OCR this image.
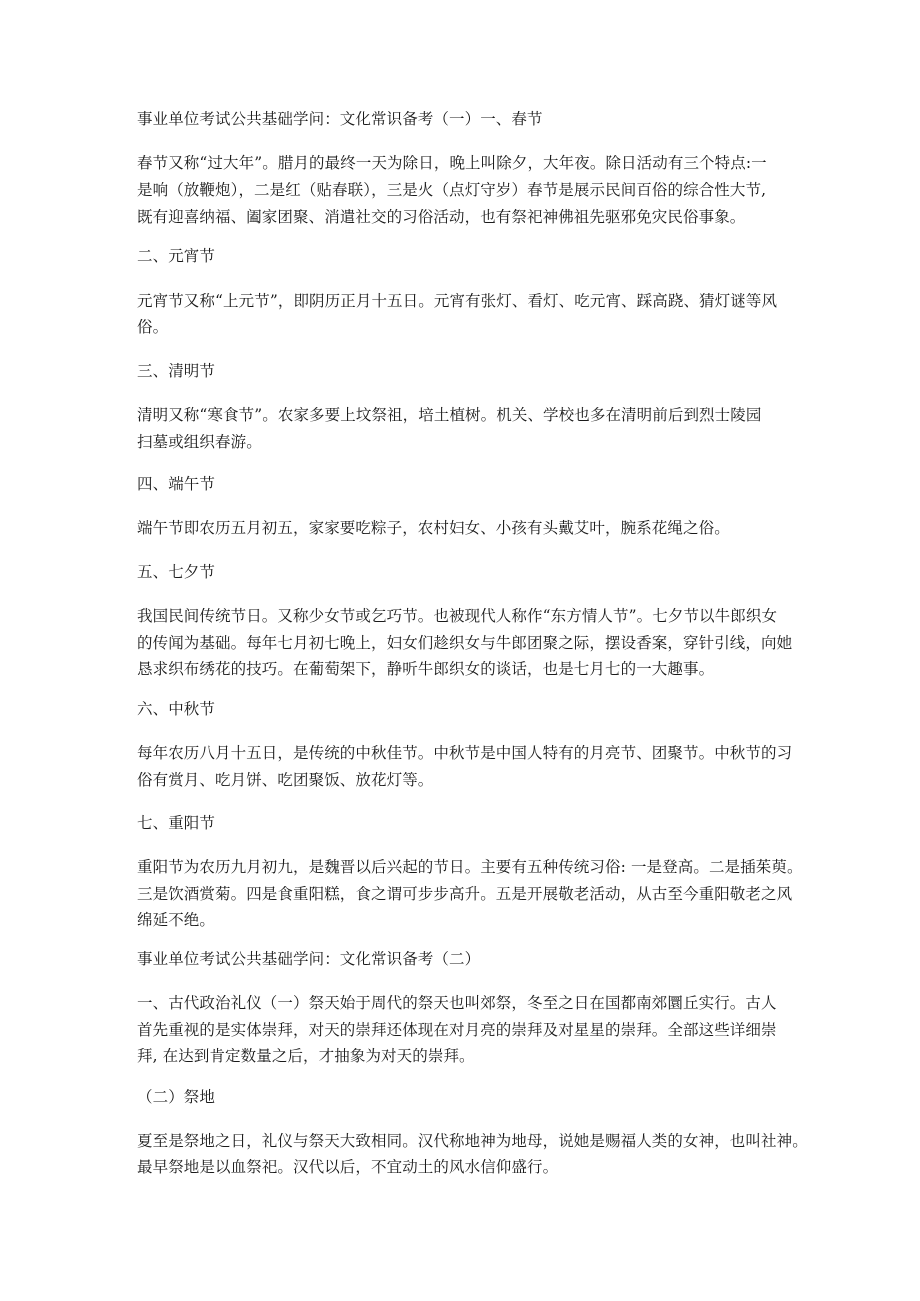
事业单位考试公共基础学问：文化常识备考（一）一、春节
春节又称“过大年”。腊月的最终一天为除日，晚上叫除夕，大年夜。除日活动有三个特点:一
是响（放鞭炮），二是红（贴春联），三是火（点灯守岁）春节是展示民间百俗的综合性大节,
既有迎喜纳福、阖家团聚、消遣社交的习俗活动，也有祭祀神佛祖先驱邪免灾民俗事象。
二、元宵节
元宵节又称“上元节”，即阴历正月十五日。元宵有张灯、看灯、吃元宵、踩高跷、猜灯谜等风
俗。
三、清明节
清明又称“寒食节”。农家多要上坟祭祖，培土植树。机关、学校也多在清明前后到烈士陵园
扫墓或组织春游。
四、端午节
端午节即农历五月初五，家家要吃粽子，农村妇女、小孩有头戴艾叶，腕系花绳之俗。
五、七夕节
我国民间传统节日。又称少女节或乞巧节。也被现代人称作“东方情人节”。七夕节以牛郎织女
的传闻为基础。每年七月初七晚上，妇女们趁织女与牛郎团聚之际，摆设香案，穿针引线，向她
恳求织布绣花的技巧。在葡萄架下，静听牛郎织女的谈话，也是七月七的一大趣事。
六、中秋节
每年农历八月十五日，是传统的中秋佳节。中秋节是中国人特有的月亮节、团聚节。中秋节的习
俗有赏月、吃月饼、吃团聚饭、放花灯等。
七、重阳节
重阳节为农历九月初九，是魏晋以后兴起的节日。主要有五种传统习俗: 一是登高。二是插茱萸。
三是饮酒赏菊。四是食重阳糕，食之谓可步步高升。五是开展敬老活动，从古至今重阳敬老之风
绵延不绝。
事业单位考试公共基础学问：文化常识备考（二）
一、古代政治礼仪（一）祭天始于周代的祭天也叫郊祭，冬至之日在国都南郊圜丘实行。古人
首先重视的是实体崇拜，对天的崇拜还体现在对月亮的崇拜及对星星的崇拜。全部这些详细崇
拜, 在达到肯定数量之后，才抽象为对天的崇拜。
（二）祭地
夏至是祭地之日，礼仪与祭天大致相同。汉代称地神为地母，说她是赐福人类的女神，也叫社神。
最早祭地是以血祭祀。汉代以后，不宜动土的风水信仰盛行。
